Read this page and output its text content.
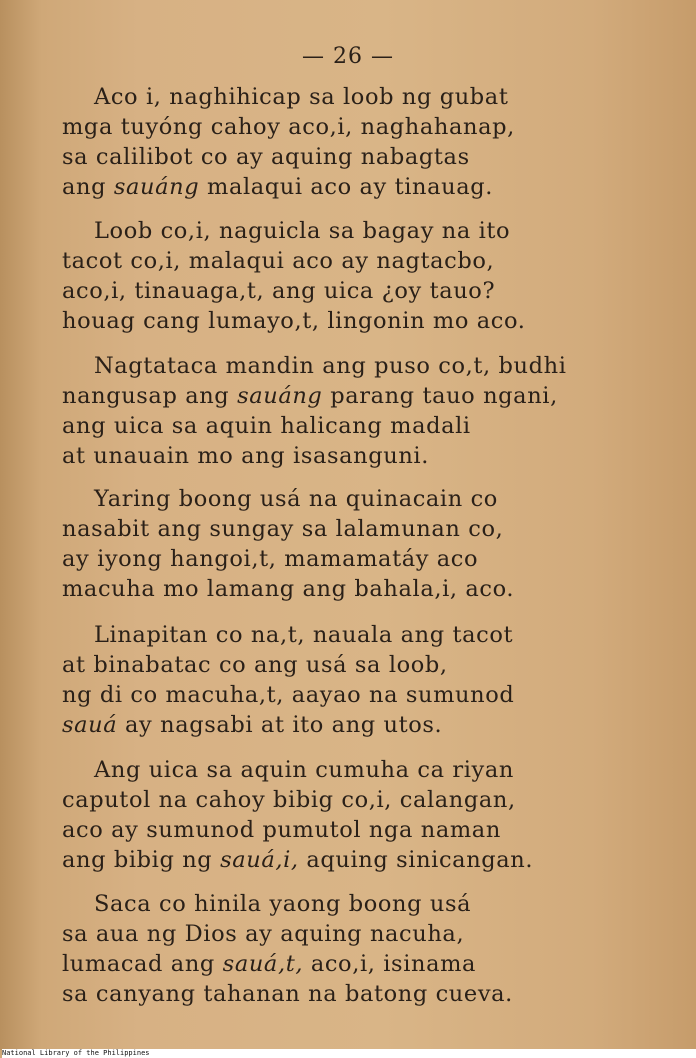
— 26 —
Aco i, naghihicap sa loob ng gubat
mga tuyóng cahoy aco,i, naghahanap,
sa calilibot co ay aquing nabagtas
ang sauáng malaqui aco ay tinauag.
Loob co,i, naguicla sa bagay na ito
tacot co,i, malaqui aco ay nagtacbo,
aco,i, tinauaga,t, ang uica ¿oy tauo?
houag cang lumayo,t, lingonin mo aco.
Nagtataca mandin ang puso co,t, budhi
nangusap ang sauáng parang tauo ngani,
ang uica sa aquin halicang madali
at unauain mo ang isasanguni.
Yaring boong usá na quinacain co
nasabit ang sungay sa lalamunan co,
ay iyong hangoi,t, mamamatáy aco
macuha mo lamang ang bahala,i, aco.
Linapitan co na,t, nauala ang tacot
at binabatac co ang usá sa loob,
ng di co macuha,t, aayao na sumunod
sauá ay nagsabi at ito ang utos.
Ang uica sa aquin cumuha ca riyan
caputol na cahoy bibig co,i, calangan,
aco ay sumunod pumutol nga naman
ang bibig ng sauá,i, aquing sinicangan.
Saca co hinila yaong boong usá
sa aua ng Dios ay aquing nacuha,
lumacad ang sauá,t, aco,i, isinama
sa canyang tahanan na batong cueva.
National Library of the Philippines
